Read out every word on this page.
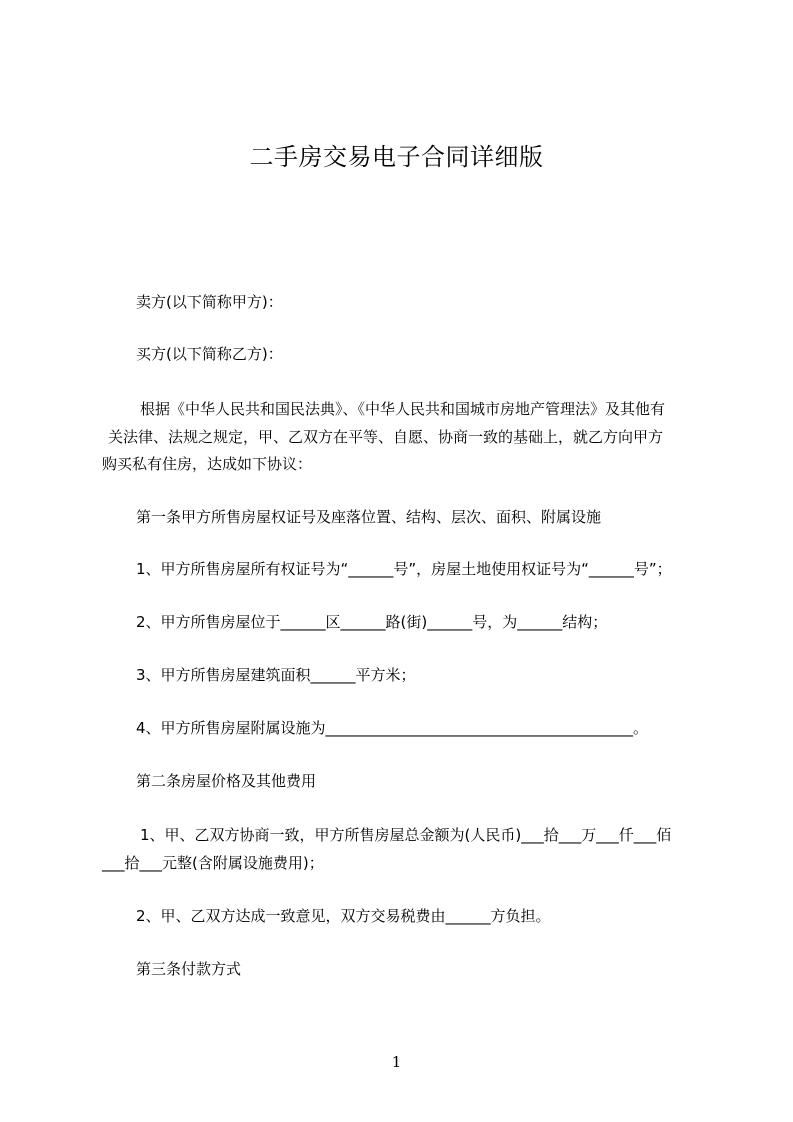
二手房交易电子合同详细版
卖方(以下简称甲方)：
买方(以下简称乙方)：
根据《中华人民共和国民法典》、《中华人民共和国城市房地产管理法》及其他有
关法律、法规之规定，甲、乙双方在平等、自愿、协商一致的基础上，就乙方向甲方
购买私有住房，达成如下协议：
第一条甲方所售房屋权证号及座落位置、结构、层次、面积、附属设施
1、甲方所售房屋所有权证号为“______号”，房屋土地使用权证号为“______号”；
2、甲方所售房屋位于______区______路(街)______号，为______结构；
3、甲方所售房屋建筑面积______平方米；
4、甲方所售房屋附属设施为_________________________________________。
第二条房屋价格及其他费用
1、甲、乙双方协商一致，甲方所售房屋总金额为(人民币)___拾___万___仟___佰
___拾___元整(含附属设施费用)；
2、甲、乙双方达成一致意见，双方交易税费由______方负担。
第三条付款方式
1
